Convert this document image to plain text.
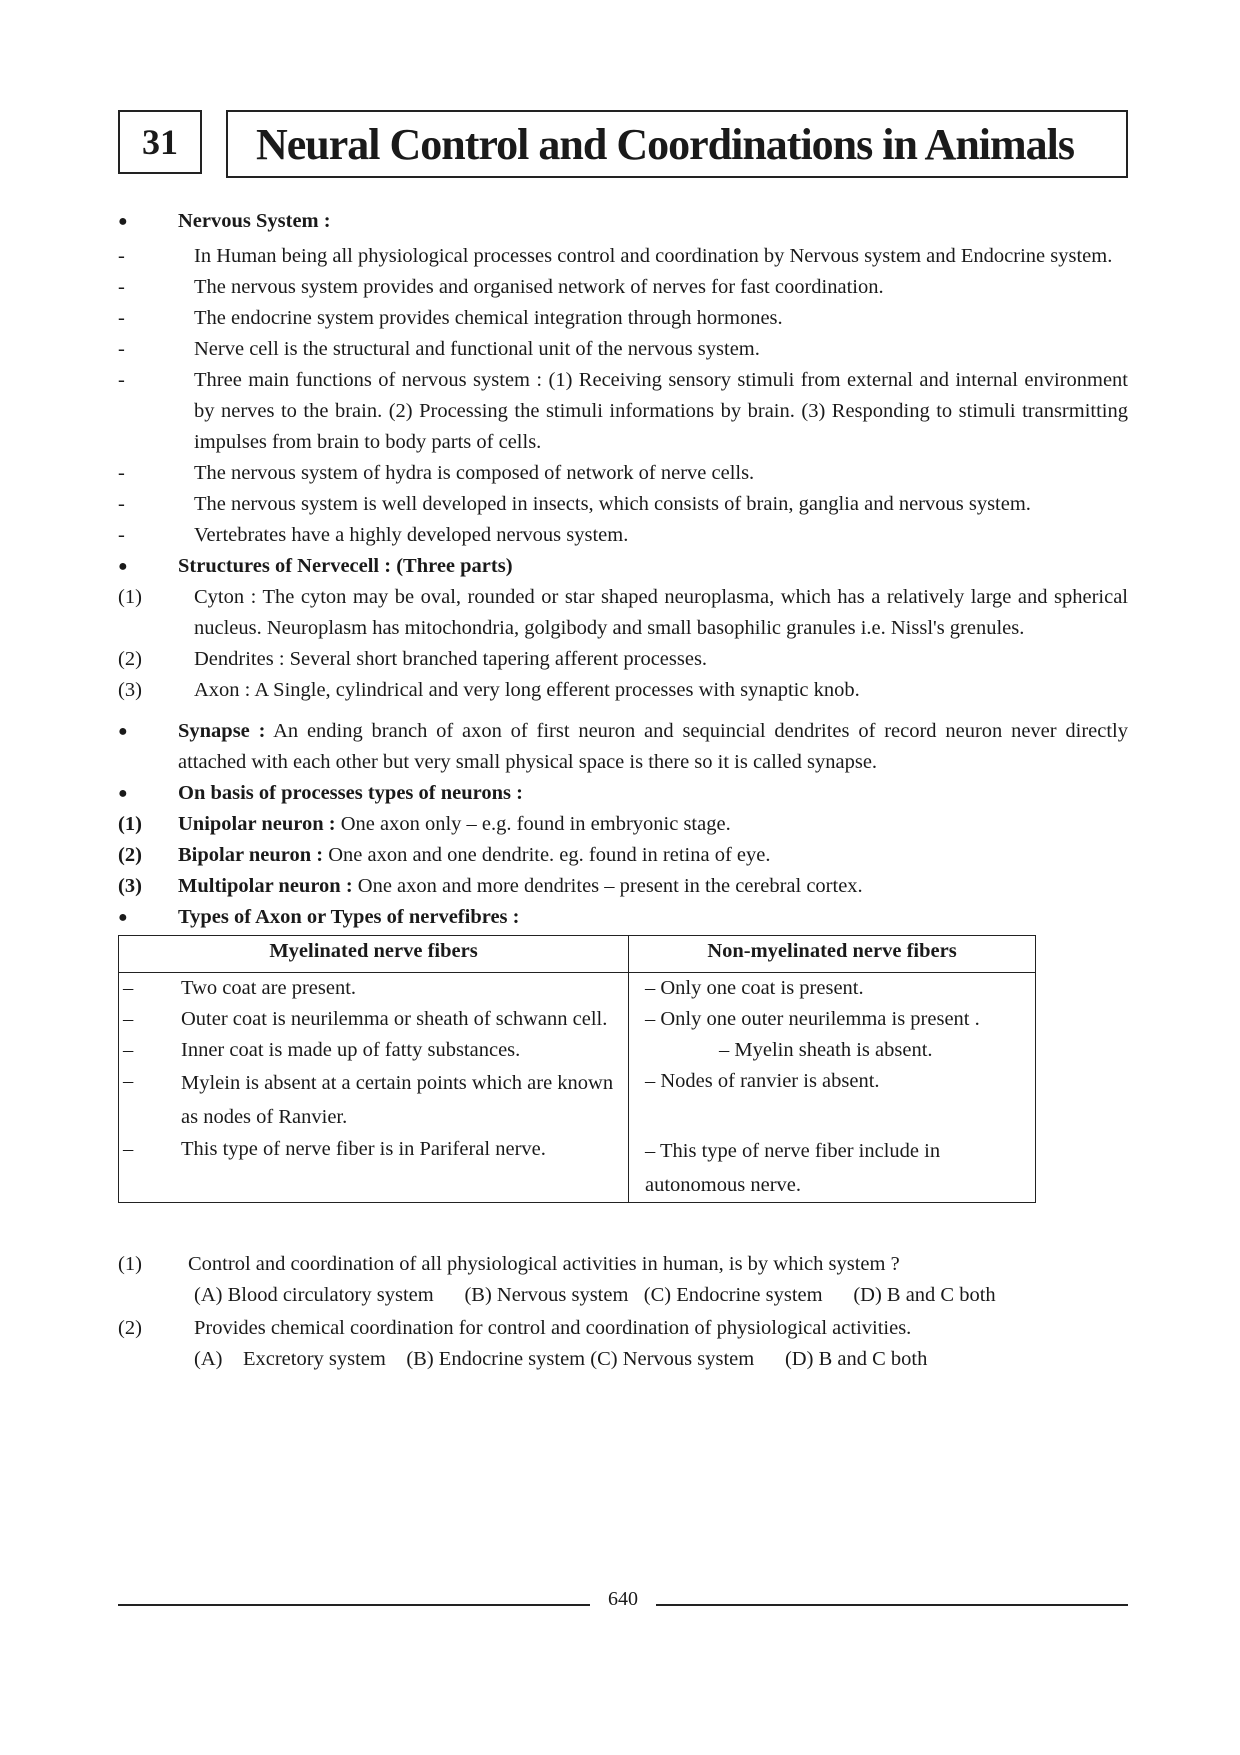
31	Neural Control and Coordinations in Animals
●	Nervous System :
-	In Human being all physiological processes control and coordination by Nervous system and Endocrine system.
-	The nervous system provides and organised network of nerves for fast coordination.
-	The endocrine system provides chemical integration through hormones.
-	Nerve cell is the structural and functional unit of the nervous system.
-	Three main functions of nervous system : (1) Receiving sensory stimuli from external and internal environment by nerves to the brain. (2) Processing the stimuli informations by brain. (3) Responding to stimuli transrmitting impulses from brain to body parts of cells.
-	The nervous system of hydra is composed of network of nerve cells.
-	The nervous system is well developed in insects, which consists of brain, ganglia and nervous system.
-	Vertebrates have a highly developed nervous system.
●	Structures of Nervecell : (Three parts)
(1)	Cyton : The cyton may be oval, rounded or star shaped neuroplasma, which has a relatively large and spherical nucleus. Neuroplasm has mitochondria, golgibody and small basophilic granules i.e. Nissl's grenules.
(2)	Dendrites : Several short branched tapering afferent processes.
(3)	Axon : A Single, cylindrical and very long efferent processes with synaptic knob.
●	Synapse : An ending branch of axon of first neuron and sequincial dendrites of record neuron never directly attached with each other but very small physical space is there so it is called synapse.
●	On basis of processes types of neurons :
(1)	Unipolar neuron : One axon only – e.g. found in embryonic stage.
(2)	Bipolar neuron : One axon and one dendrite. eg. found in retina of eye.
(3)	Multipolar neuron : One axon and more dendrites – present in the cerebral cortex.
●	Types of Axon or Types of nervefibres :
Myelinated nerve fibers	Non-myelinated nerve fibers

– Two coat are present.	– Only one coat is present.

– Outer coat is neurilemma or sheath of schwann cell.	– Only one outer neurilemma is present .

– Inner coat is made up of fatty substances.	– Myelin sheath is absent.

– Mylein is absent at a certain points which are known as nodes of Ranvier.	– Nodes of ranvier is absent.

– This type of nerve fiber is in Pariferal nerve.	– This type of nerve fiber include in autonomous nerve.
(1)	Control and coordination of all physiological activities in human, is by which system ?
(A) Blood circulatory system
(B) Nervous system
(C) Endocrine system
(D) B and C both
(2)	Provides chemical coordination for control and coordination of physiological activities.
(A)    Excretory system
(B) Endocrine system
(C) Nervous system
(D) B and C both
640
